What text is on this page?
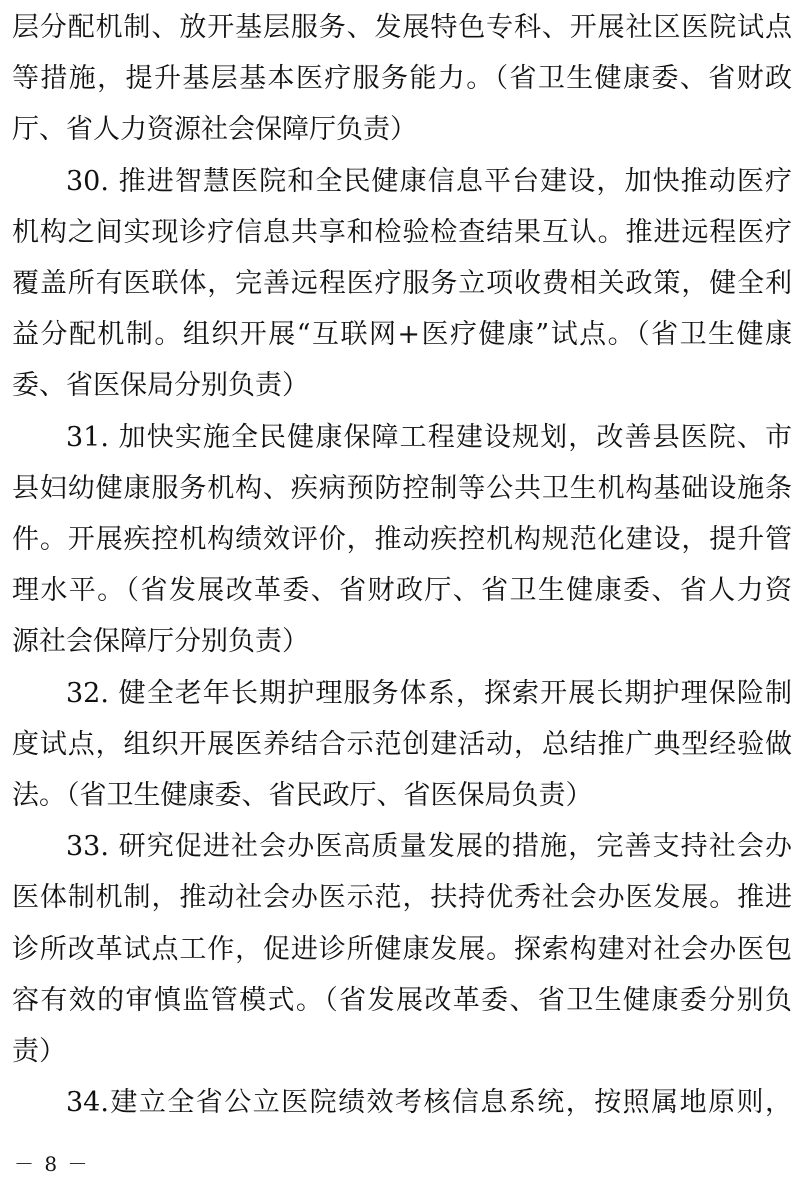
层分配机制、放开基层服务、发展特色专科、开展社区医院试点
等措施，提升基层基本医疗服务能力。（省卫生健康委、省财政
厅、省人力资源社会保障厅负责）
30. 推进智慧医院和全民健康信息平台建设，加快推动医疗
机构之间实现诊疗信息共享和检验检查结果互认。推进远程医疗
覆盖所有医联体，完善远程医疗服务立项收费相关政策，健全利
益分配机制。组织开展“互联网+医疗健康”试点。（省卫生健康
委、省医保局分别负责）
31. 加快实施全民健康保障工程建设规划，改善县医院、市
县妇幼健康服务机构、疾病预防控制等公共卫生机构基础设施条
件。开展疾控机构绩效评价，推动疾控机构规范化建设，提升管
理水平。（省发展改革委、省财政厅、省卫生健康委、省人力资
源社会保障厅分别负责）
32. 健全老年长期护理服务体系，探索开展长期护理保险制
度试点，组织开展医养结合示范创建活动，总结推广典型经验做
法。（省卫生健康委、省民政厅、省医保局负责）
33. 研究促进社会办医高质量发展的措施，完善支持社会办
医体制机制，推动社会办医示范，扶持优秀社会办医发展。推进
诊所改革试点工作，促进诊所健康发展。探索构建对社会办医包
容有效的审慎监管模式。（省发展改革委、省卫生健康委分别负
责）
34.建立全省公立医院绩效考核信息系统，按照属地原则，
－ 8 －
